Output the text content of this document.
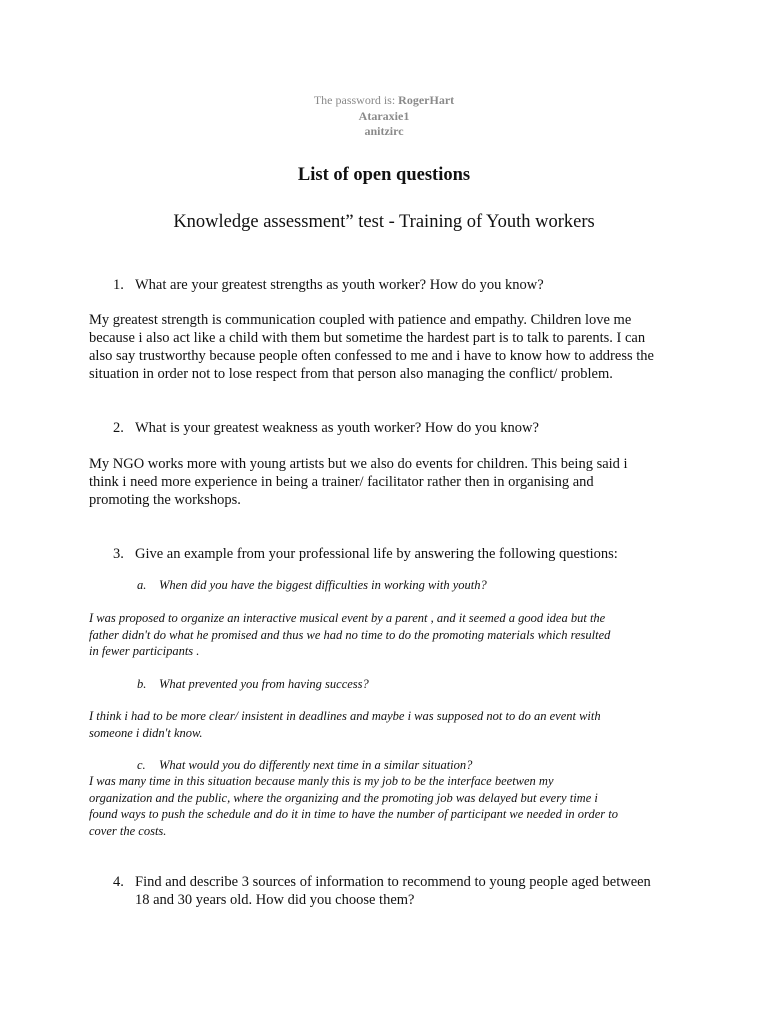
The password is: RogerHart
Ataraxie1
anitzirc
List of open questions
Knowledge assessment” test - Training of Youth workers
1. What are your greatest strengths as youth worker? How do you know?
My greatest strength is communication coupled with patience and empathy. Children love me
because i also act like a child with them but sometime the hardest part is to talk to parents. I can
also say trustworthy because people often confessed to me and i have to know how to address the
situation in order not to lose respect from that person also managing the conflict/ problem.
2. What is your greatest weakness as youth worker? How do you know?
My NGO works more with young artists but we also do events for children. This being said i
think i need more experience in being a trainer/ facilitator rather then in organising and
promoting the workshops.
3. Give an example from your professional life by answering the following questions:
a. When did you have the biggest difficulties in working with youth?
I was proposed to organize an interactive musical event by a parent , and it seemed a good idea but the
father didn't do what he promised and thus we had no time to do the promoting materials which resulted
in fewer participants .
b. What prevented you from having success?
I think i had to be more clear/ insistent in deadlines and maybe i was supposed not to do an event with
someone i didn't know.
c. What would you do differently next time in a similar situation?
I was many time in this situation because manly this is my job to be the interface beetwen my
organization and the public, where the organizing and the promoting job was delayed but every time i
found ways to push the schedule and do it in time to have the number of participant we needed in order to
cover the costs.
4. Find and describe 3 sources of information to recommend to young people aged between
18 and 30 years old. How did you choose them?
